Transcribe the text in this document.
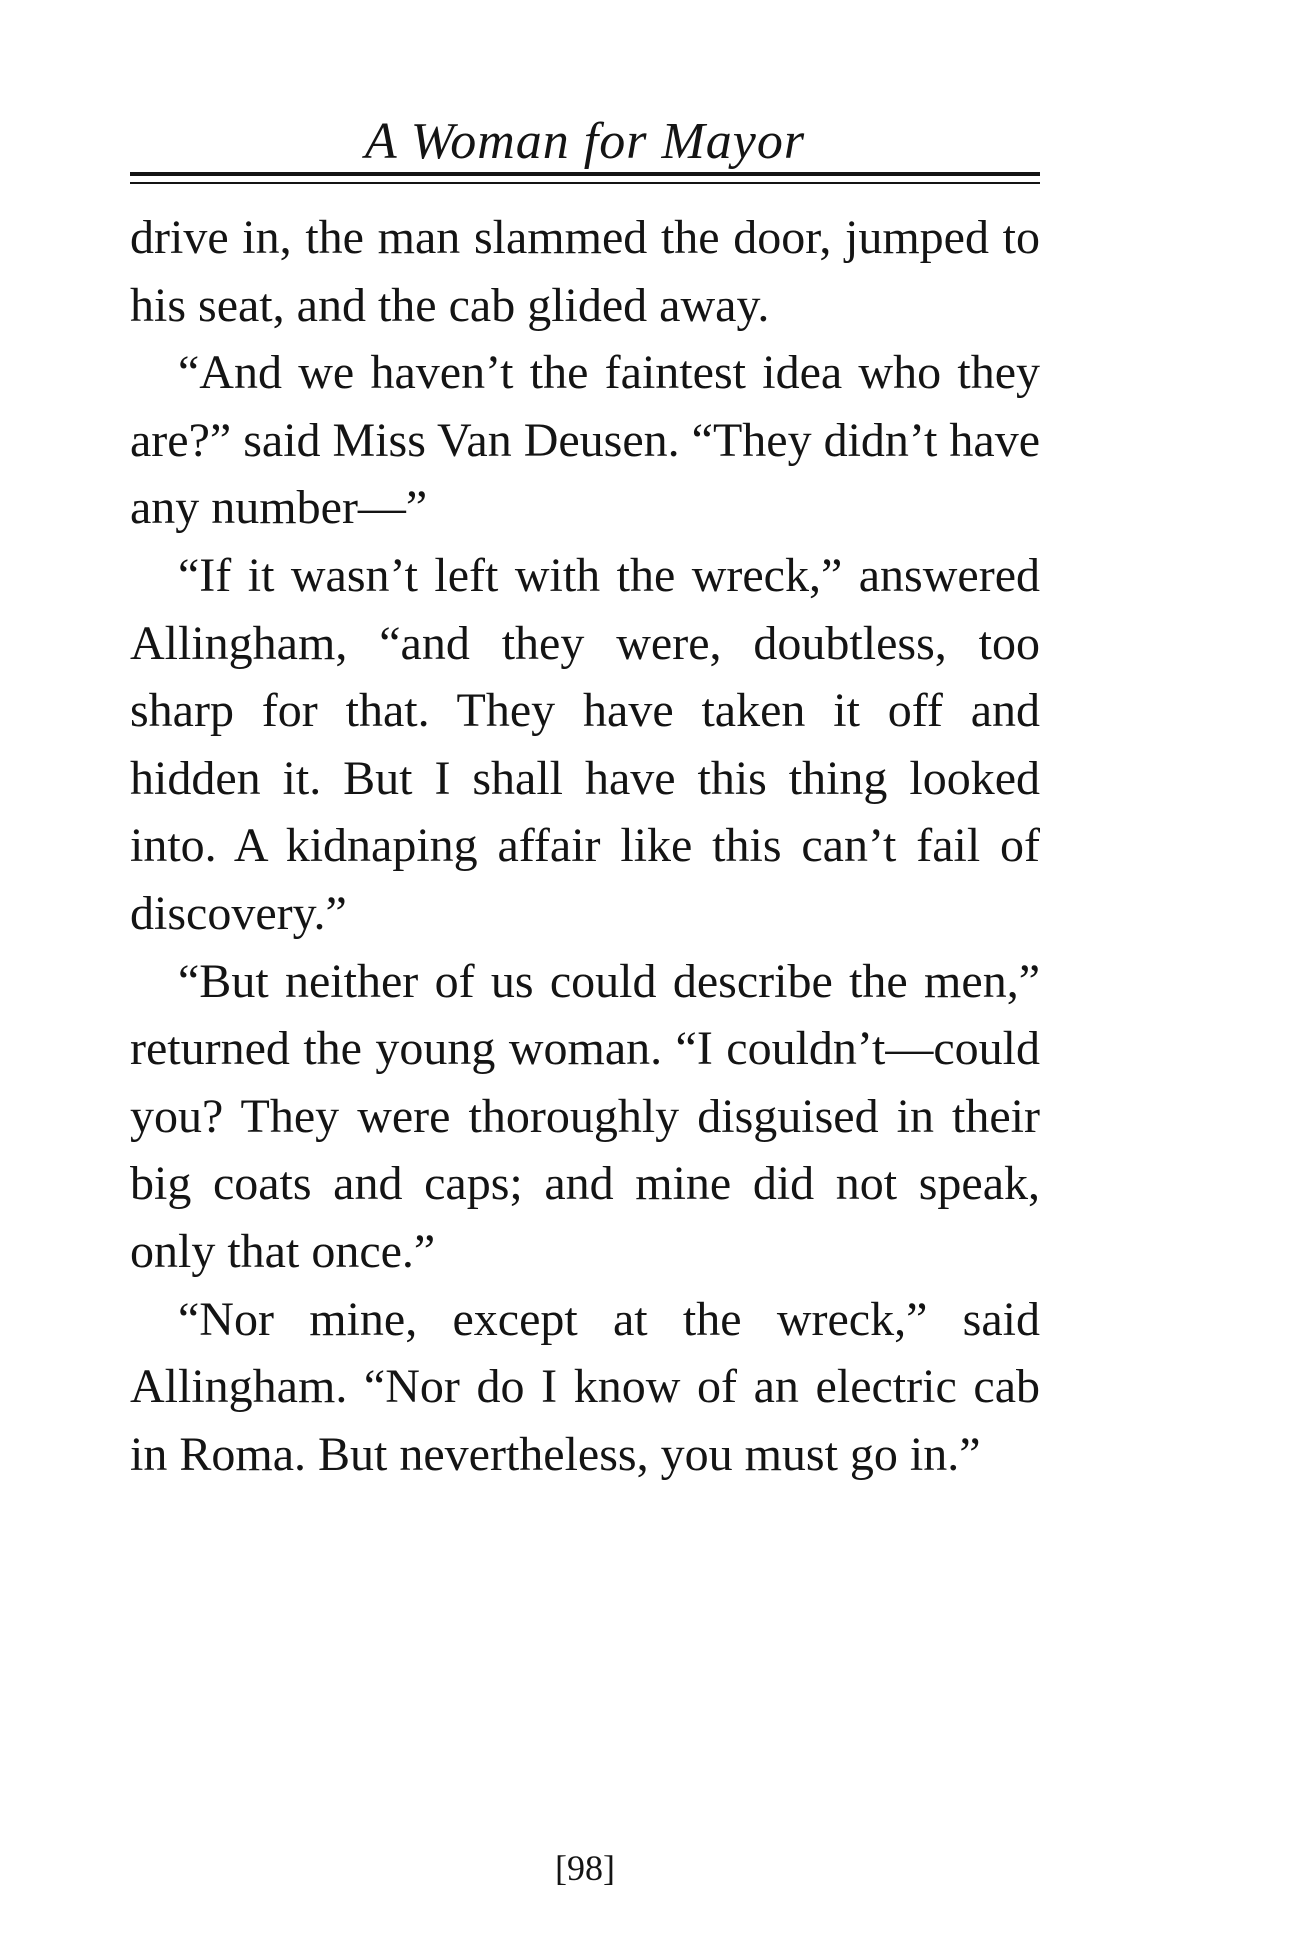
A Woman for Mayor

drive in, the man slammed the door, jumped to his seat, and the cab glided away.

“And we haven’t the faintest idea who they are?” said Miss Van Deusen. “They didn’t have any number—”

“If it wasn’t left with the wreck,” answered Allingham, “and they were, doubtless, too sharp for that. They have taken it off and hidden it. But I shall have this thing looked into. A kidnaping affair like this can’t fail of discovery.”

“But neither of us could describe the men,” returned the young woman. “I couldn’t—could you? They were thoroughly disguised in their big coats and caps; and mine did not speak, only that once.”

“Nor mine, except at the wreck,” said Allingham. “Nor do I know of an electric cab in Roma. But nevertheless, you must go in.”

[98]
